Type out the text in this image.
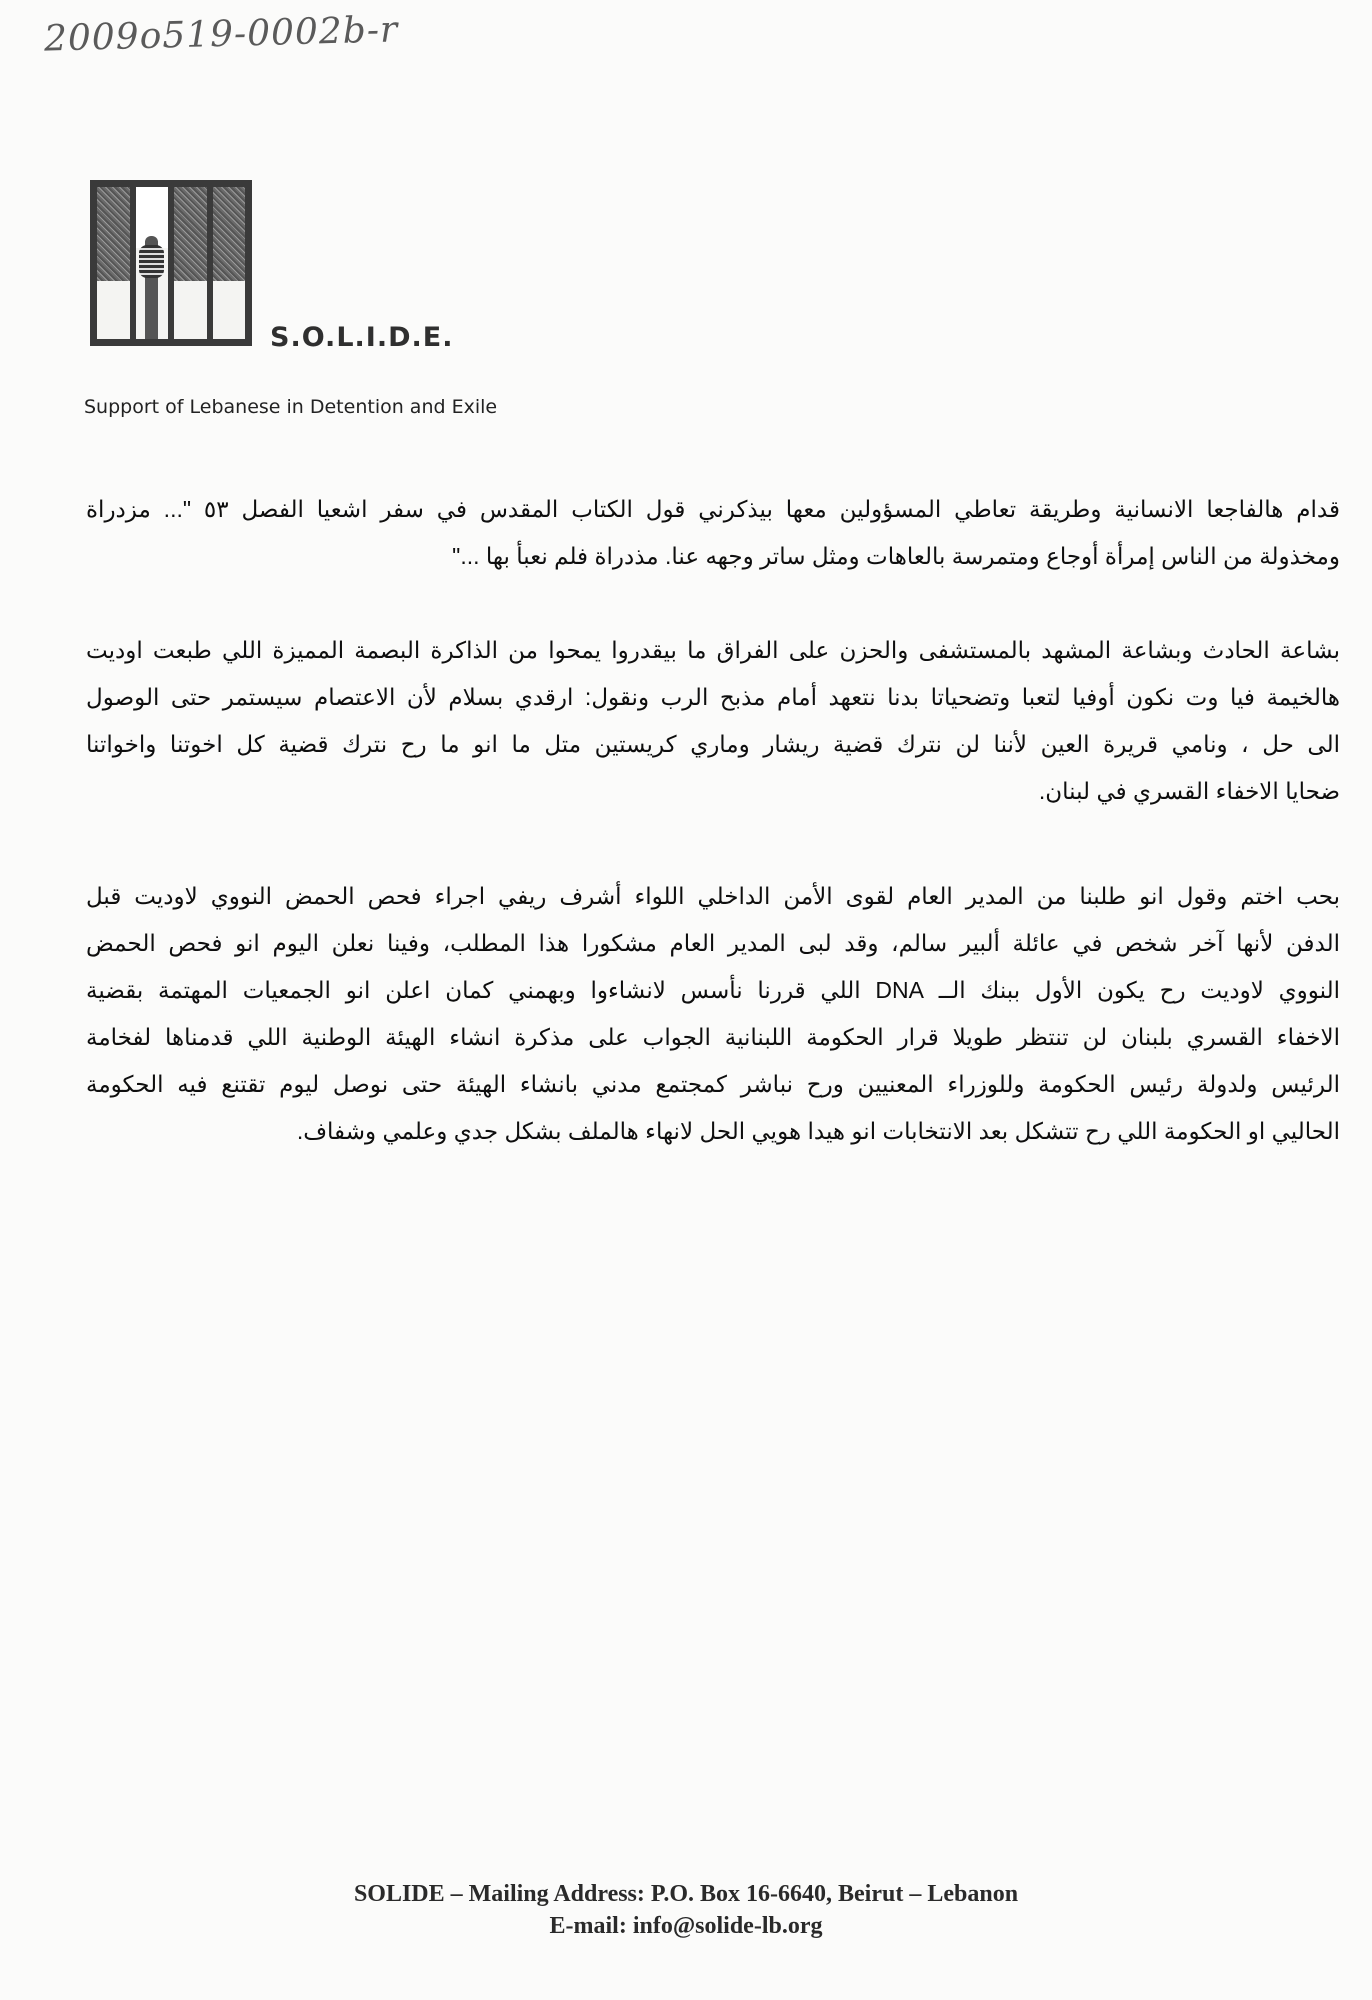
2009o519-0002b-r
S.O.L.I.D.E.
Support of Lebanese in Detention and Exile
قدام هالفاجعا الانسانية وطريقة تعاطي المسؤولين معها بيذكرني قول الكتاب المقدس في سفر اشعيا الفصل ٥٣ "... مزدراة
ومخذولة من الناس إمرأة أوجاع ومتمرسة بالعاهات ومثل ساتر وجهه عنا. مذدراة فلم نعبأ بها ..."
بشاعة الحادث وبشاعة المشهد بالمستشفى والحزن على الفراق ما بيقدروا يمحوا من الذاكرة البصمة المميزة اللي طبعت اوديت
هالخيمة فيا وت نكون أوفيا لتعبا وتضحياتا بدنا نتعهد أمام مذبح الرب ونقول: ارقدي بسلام لأن الاعتصام سيستمر حتى الوصول
الى حل ، ونامي قريرة العين لأننا لن نترك قضية ريشار وماري كريستين متل ما انو ما رح نترك قضية كل اخوتنا واخواتنا
ضحايا الاخفاء القسري في لبنان.
بحب اختم وقول انو طلبنا من المدير العام لقوى الأمن الداخلي اللواء أشرف ريفي اجراء فحص الحمض النووي لاوديت قبل
الدفن لأنها آخر شخص في عائلة ألبير سالم، وقد لبى المدير العام مشكورا هذا المطلب، وفينا نعلن اليوم انو فحص الحمض
النووي لاوديت رح يكون الأول ببنك الــ DNA اللي قررنا نأسس لانشاءوا وبهمني كمان اعلن انو الجمعيات المهتمة بقضية
الاخفاء القسري بلبنان لن تنتظر طويلا قرار الحكومة اللبنانية الجواب على مذكرة انشاء الهيئة الوطنية اللي قدمناها لفخامة
الرئيس ولدولة رئيس الحكومة وللوزراء المعنيين ورح نباشر كمجتمع مدني بانشاء الهيئة حتى نوصل ليوم تقتنع فيه الحكومة
الحاليي او الحكومة اللي رح تتشكل بعد الانتخابات انو هيدا هويي الحل لانهاء هالملف بشكل جدي وعلمي وشفاف.
SOLIDE – Mailing Address: P.O. Box 16-6640, Beirut – Lebanon
E-mail: info@solide-lb.org
